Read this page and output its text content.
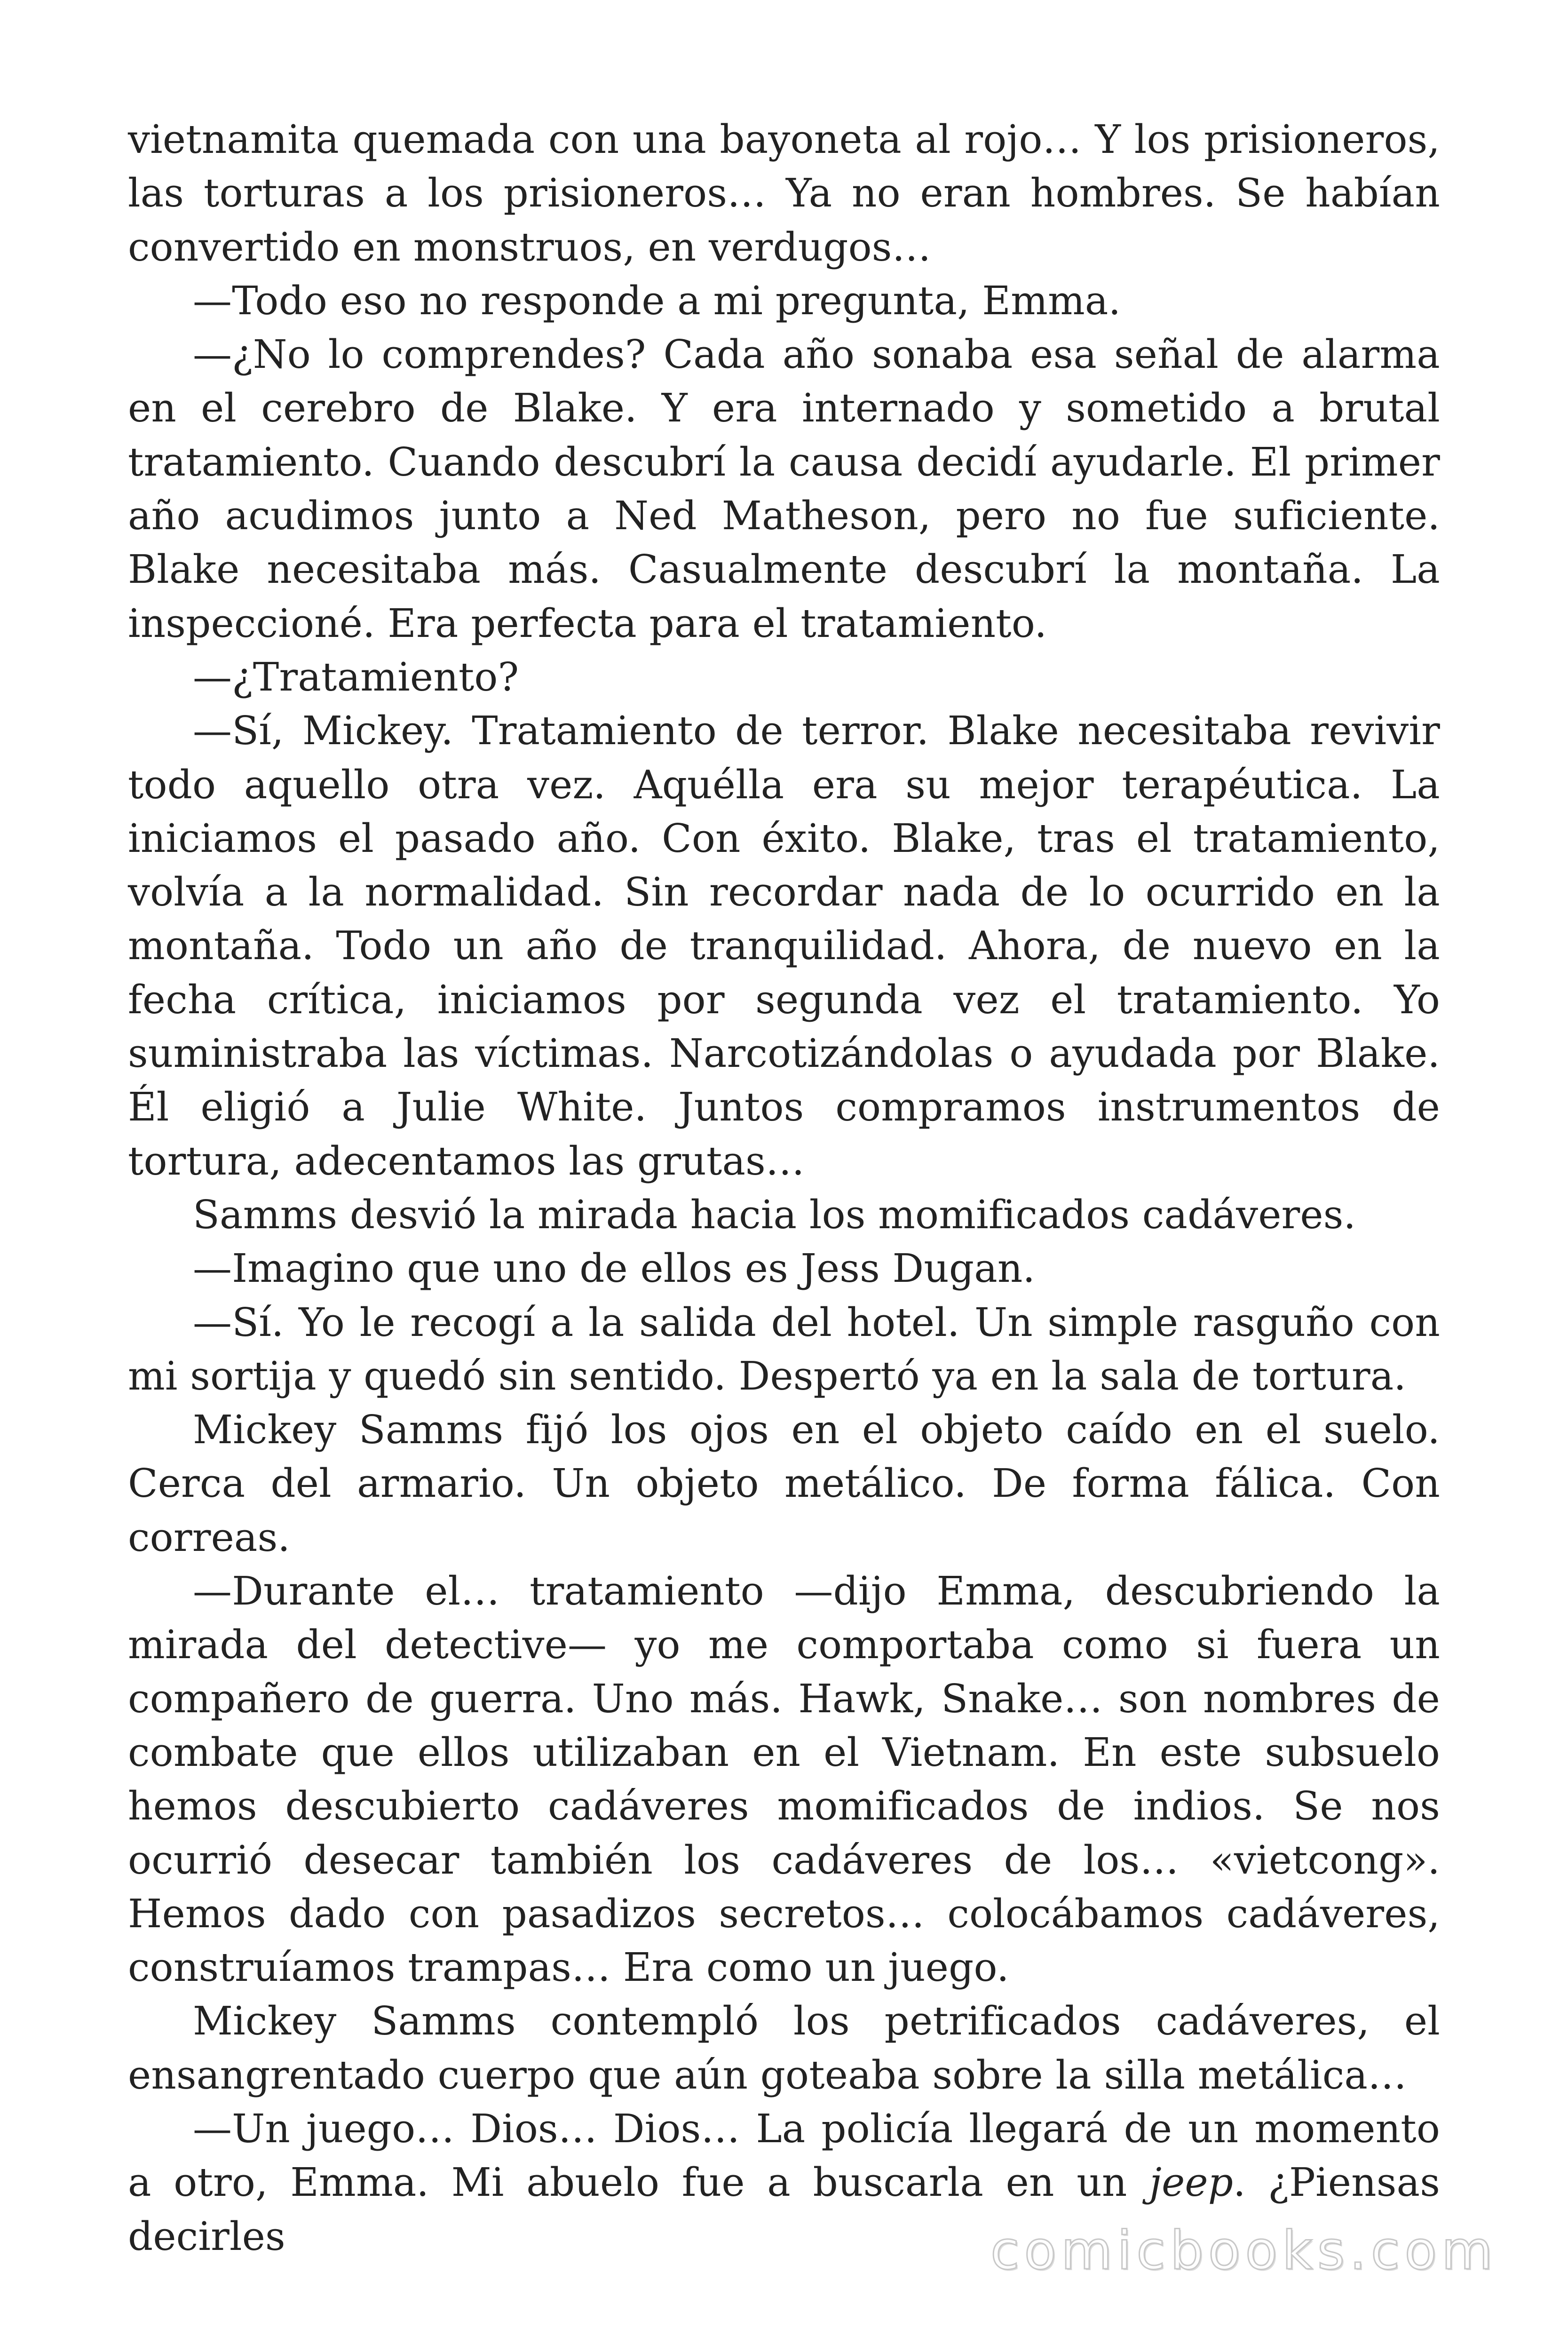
vietnamita quemada con una bayoneta al rojo… Y los prisioneros, las torturas a los prisioneros… Ya no eran hombres. Se habían convertido en monstruos, en verdugos…

—Todo eso no responde a mi pregunta, Emma.

—¿No lo comprendes? Cada año sonaba esa señal de alarma en el cerebro de Blake. Y era internado y sometido a brutal tratamiento. Cuando descubrí la causa decidí ayudarle. El primer año acudimos junto a Ned Matheson, pero no fue suficiente. Blake necesitaba más. Casualmente descubrí la montaña. La inspeccioné. Era perfecta para el tratamiento.

—¿Tratamiento?

—Sí, Mickey. Tratamiento de terror. Blake necesitaba revivir todo aquello otra vez. Aquélla era su mejor terapéutica. La iniciamos el pasado año. Con éxito. Blake, tras el tratamiento, volvía a la normalidad. Sin recordar nada de lo ocurrido en la montaña. Todo un año de tranquilidad. Ahora, de nuevo en la fecha crítica, iniciamos por segunda vez el tratamiento. Yo suministraba las víctimas. Narcotizándolas o ayudada por Blake. Él eligió a Julie White. Juntos compramos instrumentos de tortura, adecentamos las grutas…

Samms desvió la mirada hacia los momificados cadáveres.

—Imagino que uno de ellos es Jess Dugan.

—Sí. Yo le recogí a la salida del hotel. Un simple rasguño con mi sortija y quedó sin sentido. Despertó ya en la sala de tortura.

Mickey Samms fijó los ojos en el objeto caído en el suelo. Cerca del armario. Un objeto metálico. De forma fálica. Con correas.

—Durante el… tratamiento —dijo Emma, descubriendo la mirada del detective— yo me comportaba como si fuera un compañero de guerra. Uno más. Hawk, Snake… son nombres de combate que ellos utilizaban en el Vietnam. En este subsuelo hemos descubierto cadáveres momificados de indios. Se nos ocurrió desecar también los cadáveres de los… «vietcong». Hemos dado con pasadizos secretos… colocábamos cadáveres, construíamos trampas… Era como un juego.

Mickey Samms contempló los petrificados cadáveres, el ensangrentado cuerpo que aún goteaba sobre la silla metálica…

—Un juego… Dios… Dios… La policía llegará de un momento a otro, Emma. Mi abuelo fue a buscarla en un jeep. ¿Piensas decirles	comicbooks.com
